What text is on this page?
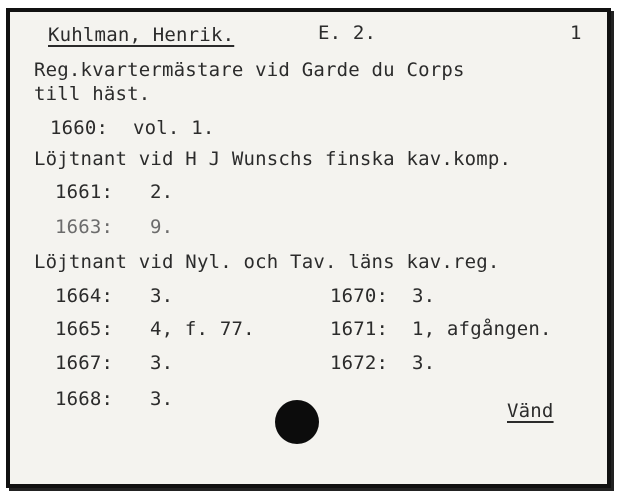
Kuhlman, Henrik.	E. 2.	1
Reg.kvartermästare vid Garde du Corps
till häst.
1660: vol. 1.
Löjtnant vid H J Wunschs finska kav.komp.
1661: 2.
1663: 9.
Löjtnant vid Nyl. och Tav. läns kav.reg.
1664: 3.
1665: 4, f. 77.
1667: 3.
1668: 3.
1670: 3.
1671: 1, afgången.
1672: 3.
Vänd
